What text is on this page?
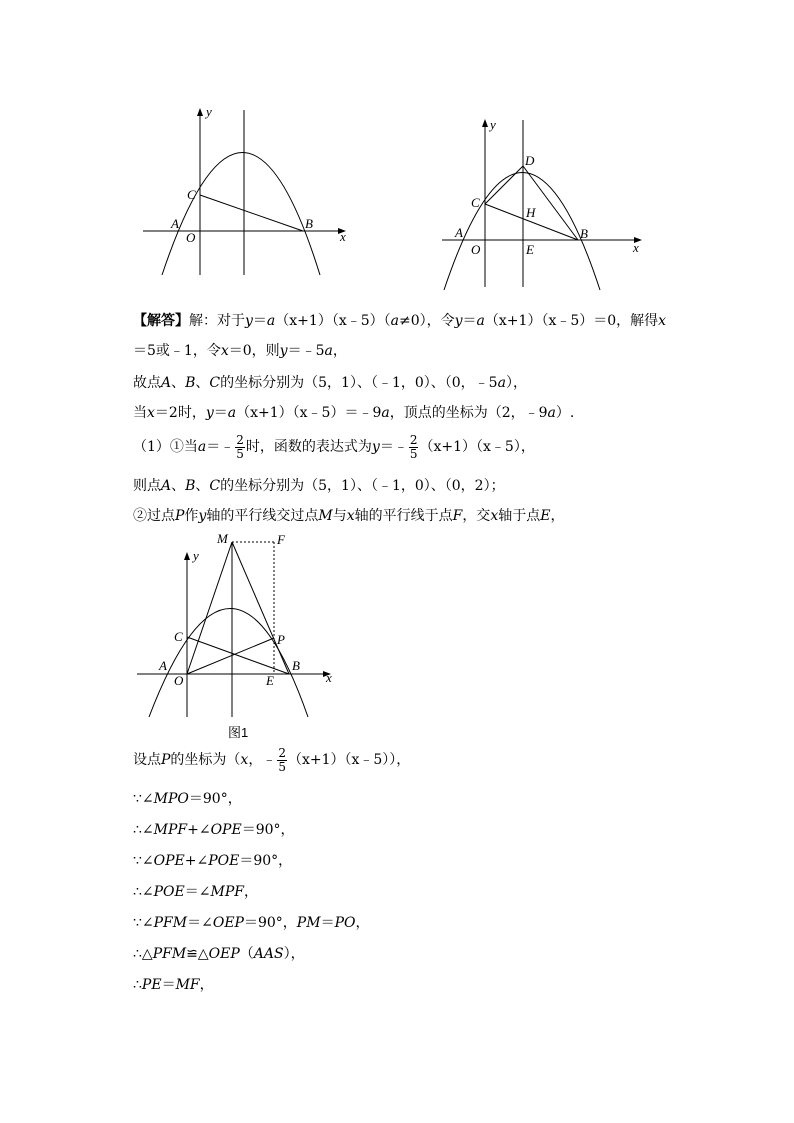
y
x
C
A
O
B
y
x
D
C
H
A
O	E
B
【解答】解：对于y＝a（x+1）（x﹣5）（a≠0），令y＝a（x+1）（x﹣5）＝0，解得x
＝5或﹣1，令x＝0，则y＝﹣5a，
故点A、B、C的坐标分别为（5，1）、（﹣1，0）、（0，﹣5a），
当x＝2时，y＝a（x+1）（x﹣5）＝﹣9a，顶点的坐标为（2，﹣9a）.
（1）①当a＝﹣ $\frac{2}{5}$ 时，函数的表达式为y＝﹣ $\frac{2}{5}$ （x+1）（x﹣5），
则点A、B、C的坐标分别为（5，1）、（﹣1，0）、（0，2）；
②过点P作y轴的平行线交过点M与x轴的平行线于点F，交x轴于点E，
M	F
y
C	P
A	B
O	E	x
图1
设点P的坐标为（x，﹣ $\frac{2}{5}$ （x+1）（x﹣5）），
∵∠MPO＝90°，
∴∠MPF+∠OPE＝90°，
∵∠OPE+∠POE＝90°，
∴∠POE＝∠MPF，
∵∠PFM＝∠OEP＝90°，PM＝PO，
∴△PFM≌△OEP（AAS），
∴PE＝MF，
